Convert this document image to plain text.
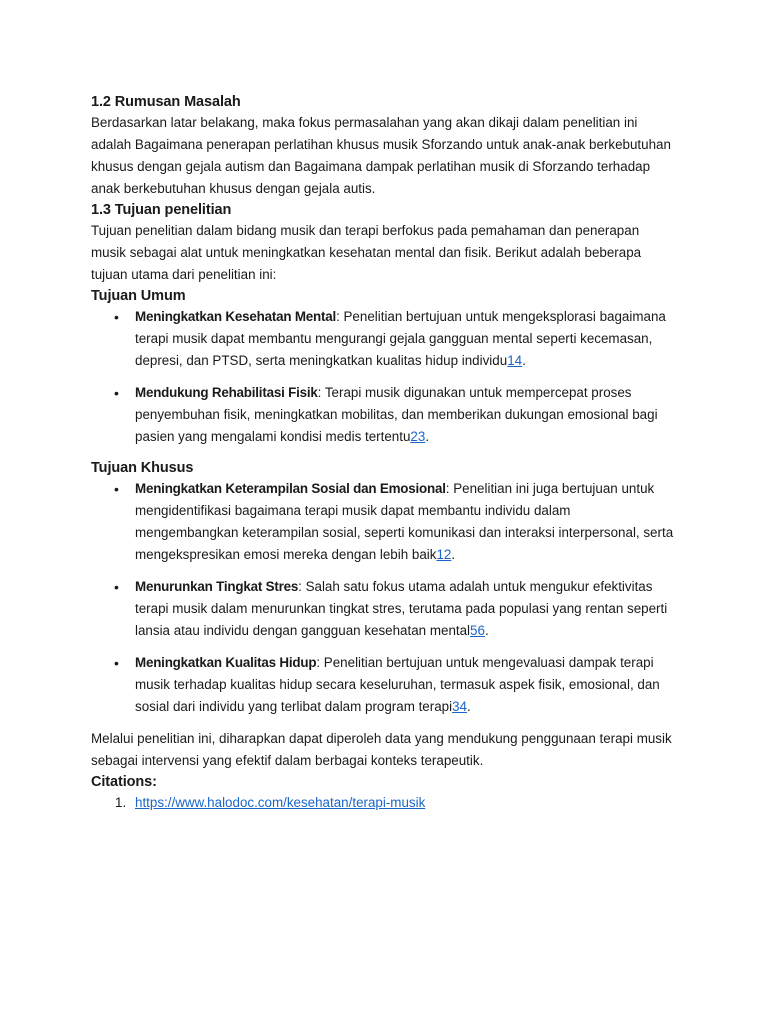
1.2 Rumusan Masalah

Berdasarkan latar belakang, maka fokus permasalahan yang akan dikaji dalam penelitian ini adalah Bagaimana penerapan perlatihan khusus musik Sforzando untuk anak-anak berkebutuhan khusus dengan gejala autism dan Bagaimana dampak perlatihan musik di Sforzando terhadap anak berkebutuhan khusus dengan gejala autis.

1.3 Tujuan penelitian

Tujuan penelitian dalam bidang musik dan terapi berfokus pada pemahaman dan penerapan musik sebagai alat untuk meningkatkan kesehatan mental dan fisik. Berikut adalah beberapa tujuan utama dari penelitian ini:

Tujuan Umum
• Meningkatkan Kesehatan Mental: Penelitian bertujuan untuk mengeksplorasi bagaimana terapi musik dapat membantu mengurangi gejala gangguan mental seperti kecemasan, depresi, dan PTSD, serta meningkatkan kualitas hidup individu14.
• Mendukung Rehabilitasi Fisik: Terapi musik digunakan untuk mempercepat proses penyembuhan fisik, meningkatkan mobilitas, dan memberikan dukungan emosional bagi pasien yang mengalami kondisi medis tertentu23.
Tujuan Khusus
• Meningkatkan Keterampilan Sosial dan Emosional: Penelitian ini juga bertujuan untuk mengidentifikasi bagaimana terapi musik dapat membantu individu dalam mengembangkan keterampilan sosial, seperti komunikasi dan interaksi interpersonal, serta mengekspresikan emosi mereka dengan lebih baik12.
• Menurunkan Tingkat Stres: Salah satu fokus utama adalah untuk mengukur efektivitas terapi musik dalam menurunkan tingkat stres, terutama pada populasi yang rentan seperti lansia atau individu dengan gangguan kesehatan mental56.
• Meningkatkan Kualitas Hidup: Penelitian bertujuan untuk mengevaluasi dampak terapi musik terhadap kualitas hidup secara keseluruhan, termasuk aspek fisik, emosional, dan sosial dari individu yang terlibat dalam program terapi34.

Melalui penelitian ini, diharapkan dapat diperoleh data yang mendukung penggunaan terapi musik sebagai intervensi yang efektif dalam berbagai konteks terapeutik.

Citations:
1. https://www.halodoc.com/kesehatan/terapi-musik
